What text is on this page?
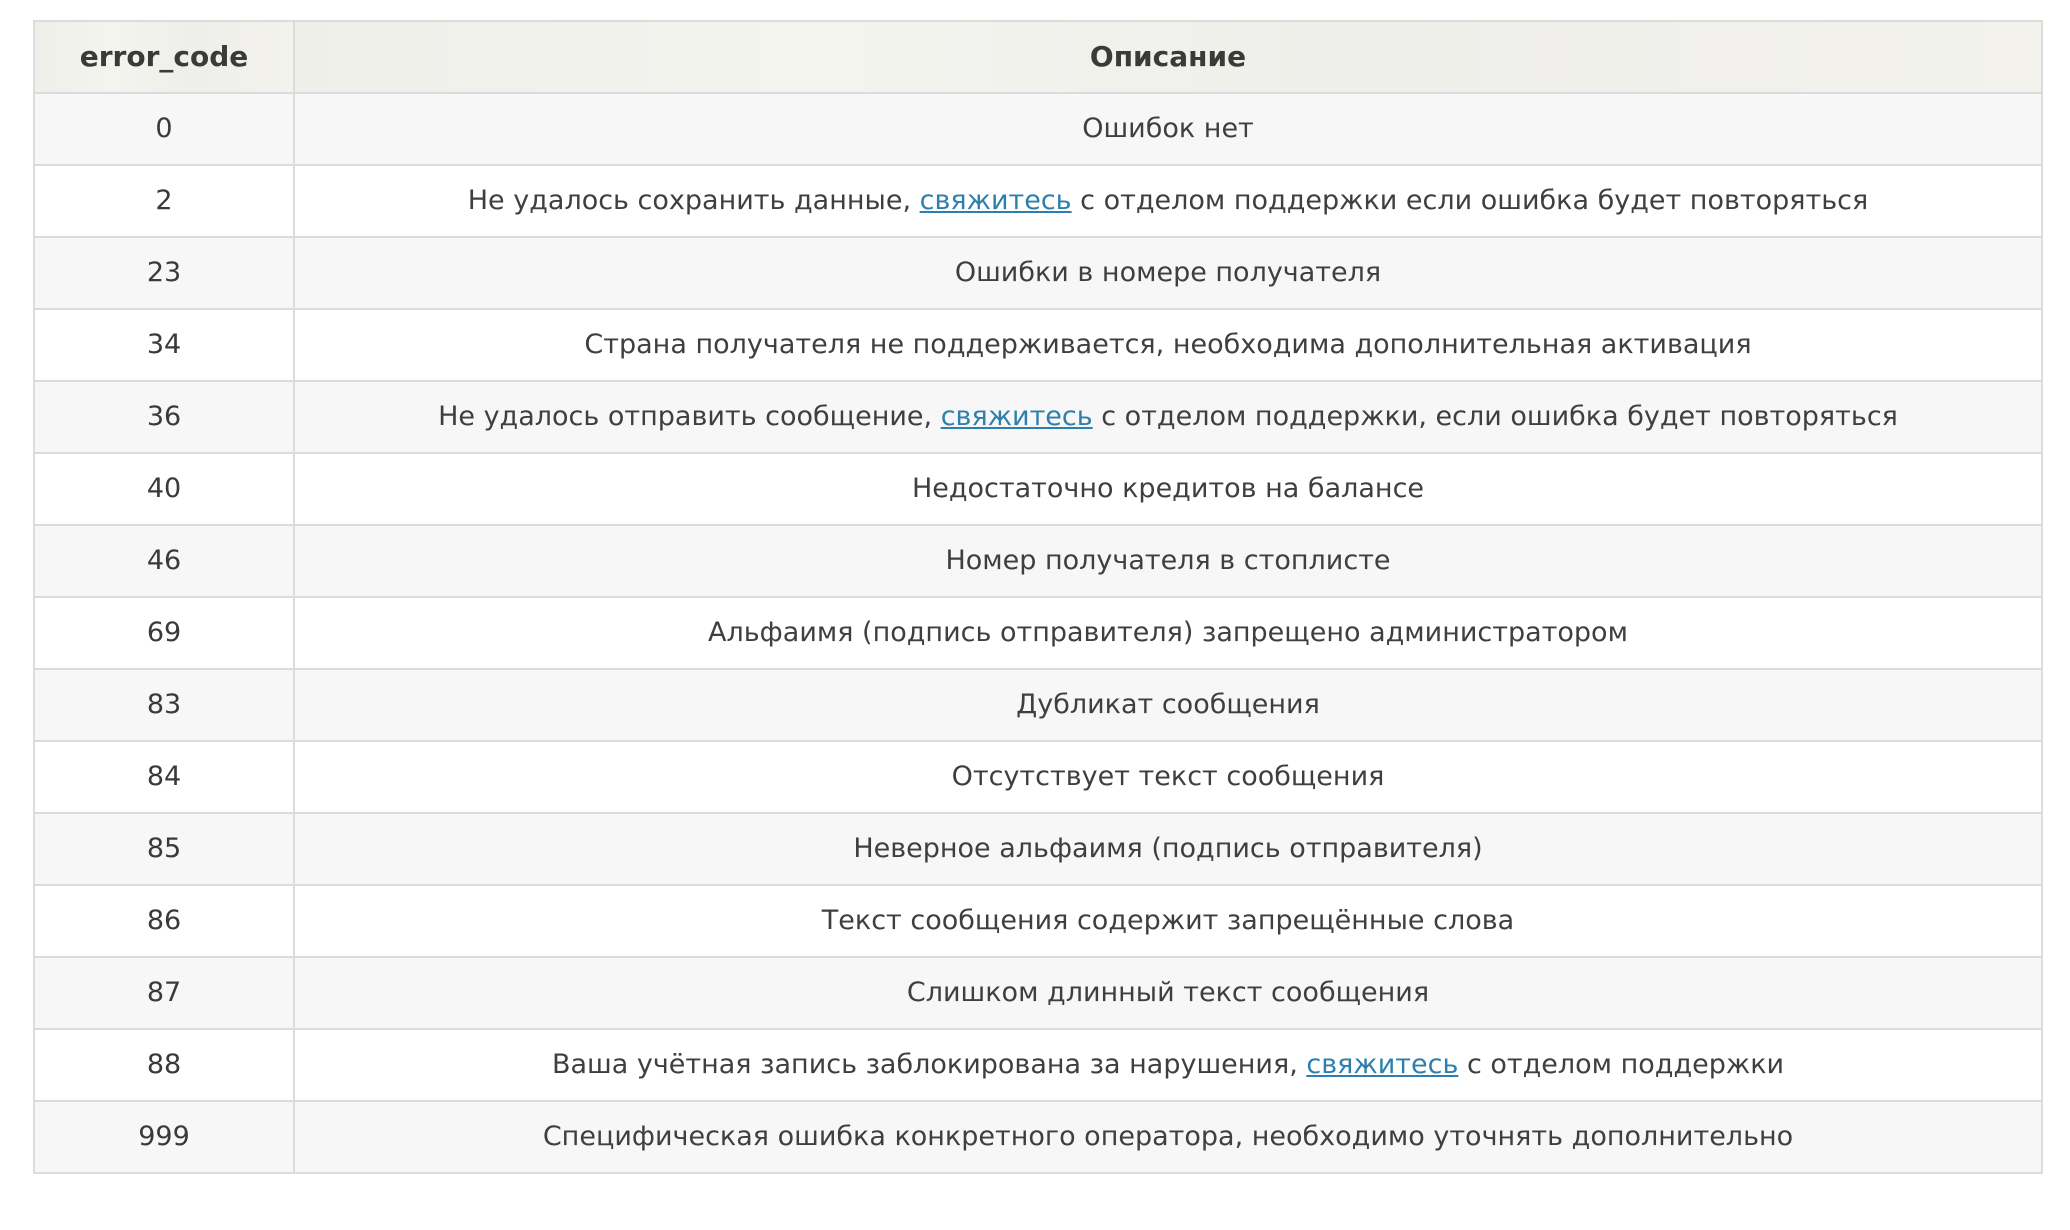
error_code	Описание
0	Ошибок нет
2	Не удалось сохранить данные, свяжитесь с отделом поддержки если ошибка будет повторяться
23	Ошибки в номере получателя
34	Страна получателя не поддерживается, необходима дополнительная активация
36	Не удалось отправить сообщение, свяжитесь с отделом поддержки, если ошибка будет повторяться
40	Недостаточно кредитов на балансе
46	Номер получателя в стоплисте
69	Альфаимя (подпись отправителя) запрещено администратором
83	Дубликат сообщения
84	Отсутствует текст сообщения
85	Неверное альфаимя (подпись отправителя)
86	Текст сообщения содержит запрещённые слова
87	Слишком длинный текст сообщения
88	Ваша учётная запись заблокирована за нарушения, свяжитесь с отделом поддержки
999	Специфическая ошибка конкретного оператора, необходимо уточнять дополнительно
